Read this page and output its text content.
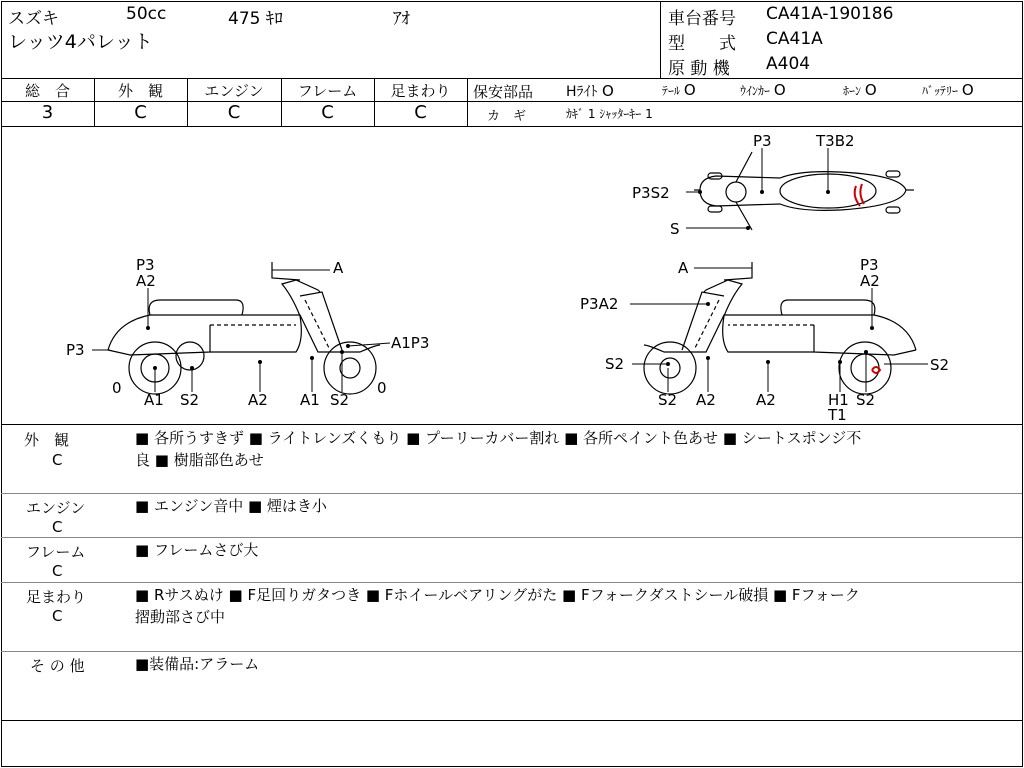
スズキ	50cc	475 ｷﾛ	ｱｵ
レッツ4パレット
車台番号 CA41A-190186
型　　式 CA41A
原 動 機 A404
総　合
3
外　観
C
エンジン
C
フレーム
C
足まわり
C
保安部品 Hﾗｲﾄ O	ﾃｰﾙ O	ｳｲﾝｶｰ O	ﾎｰﾝ O	ﾊﾞｯﾃﾘｰ O
カ　ギ	ｶｷﾞ 1 ｼｬｯﾀｰｷｰ 1
P3	T3B2
P3S2
S
P3
A2
A
P3	A1P3
0
A1 S2	A2 A1 S2
0
A	P3
A2
P3A2
S2	S2
S2 A2	A2	H1
T1
S2
外　観
C
■ 各所うすきず ■ ライトレンズくもり ■ プーリーカバー割れ ■ 各所ペイント色あせ ■ シートスポンジ不
良 ■ 樹脂部色あせ
エンジン
C
■ エンジン音中 ■ 煙はき小
フレーム
C
■ フレームさび大
足まわり
C
■ Rサスぬけ ■ F足回りガタつき ■ Fホイールベアリングがた ■ Fフォークダストシール破損 ■ Fフォーク
摺動部さび中
そ の 他	■装備品:アラーム
